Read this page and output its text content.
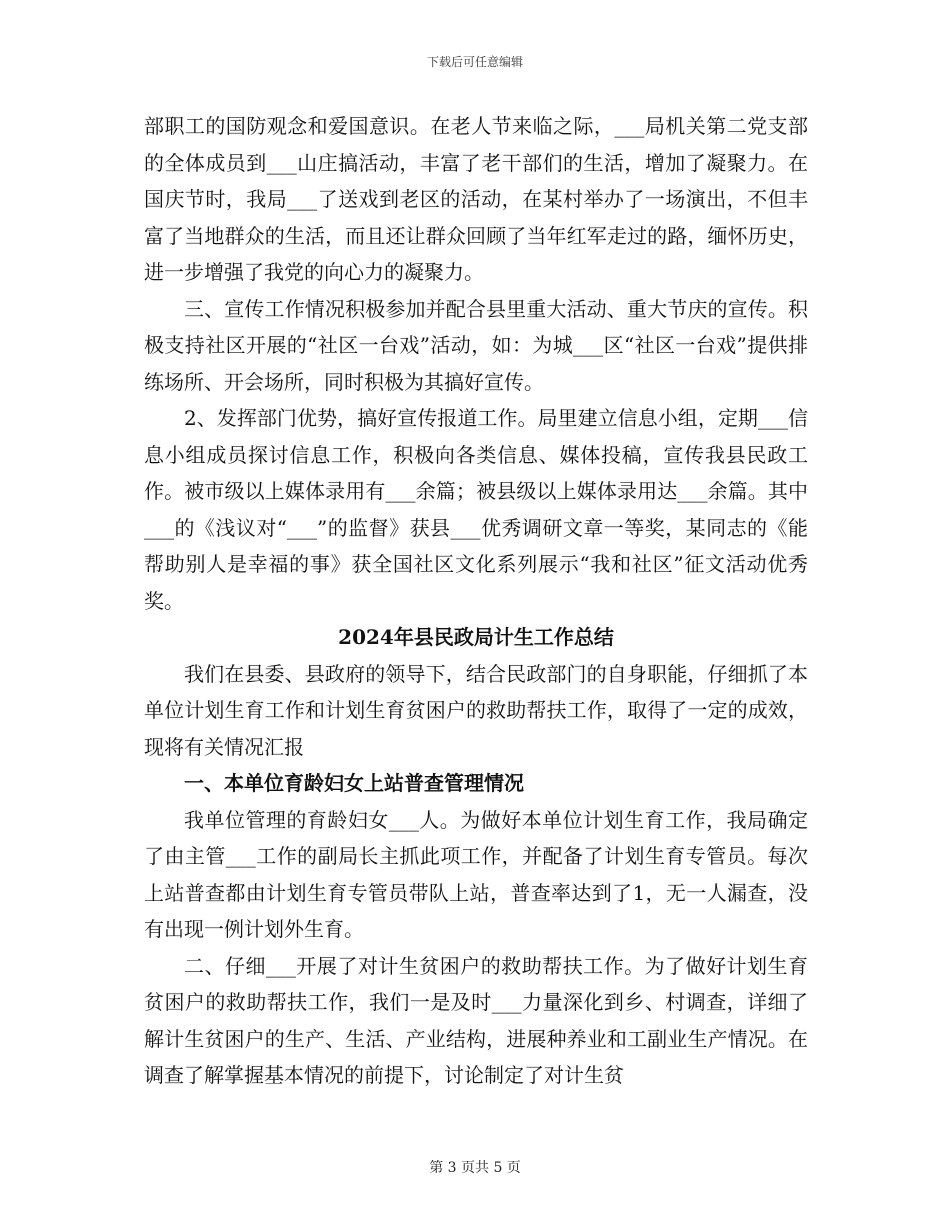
下载后可任意编辑

部职工的国防观念和爱国意识。在老人节来临之际，___局机关第二党支部的全体成员到___山庄搞活动，丰富了老干部们的生活，增加了凝聚力。在国庆节时，我局___了送戏到老区的活动，在某村举办了一场演出，不但丰富了当地群众的生活，而且还让群众回顾了当年红军走过的路，缅怀历史，进一步增强了我党的向心力的凝聚力。

三、宣传工作情况积极参加并配合县里重大活动、重大节庆的宣传。积极支持社区开展的“社区一台戏”活动，如：为城___区“社区一台戏”提供排练场所、开会场所，同时积极为其搞好宣传。

2、发挥部门优势，搞好宣传报道工作。局里建立信息小组，定期___信息小组成员探讨信息工作，积极向各类信息、媒体投稿，宣传我县民政工作。被市级以上媒体录用有___余篇；被县级以上媒体录用达___余篇。其中___的《浅议对“___”的监督》获县___优秀调研文章一等奖，某同志的《能帮助别人是幸福的事》获全国社区文化系列展示“我和社区”征文活动优秀奖。

2024年县民政局计生工作总结

我们在县委、县政府的领导下，结合民政部门的自身职能，仔细抓了本单位计划生育工作和计划生育贫困户的救助帮扶工作，取得了一定的成效，现将有关情况汇报

一、本单位育龄妇女上站普查管理情况

我单位管理的育龄妇女___人。为做好本单位计划生育工作，我局确定了由主管___工作的副局长主抓此项工作，并配备了计划生育专管员。每次上站普查都由计划生育专管员带队上站，普查率达到了1，无一人漏查，没有出现一例计划外生育。

二、仔细___开展了对计生贫困户的救助帮扶工作。为了做好计划生育贫困户的救助帮扶工作，我们一是及时___力量深化到乡、村调查，详细了解计生贫困户的生产、生活、产业结构，进展种养业和工副业生产情况。在调查了解掌握基本情况的前提下，讨论制定了对计生贫

第 3 页共 5 页
